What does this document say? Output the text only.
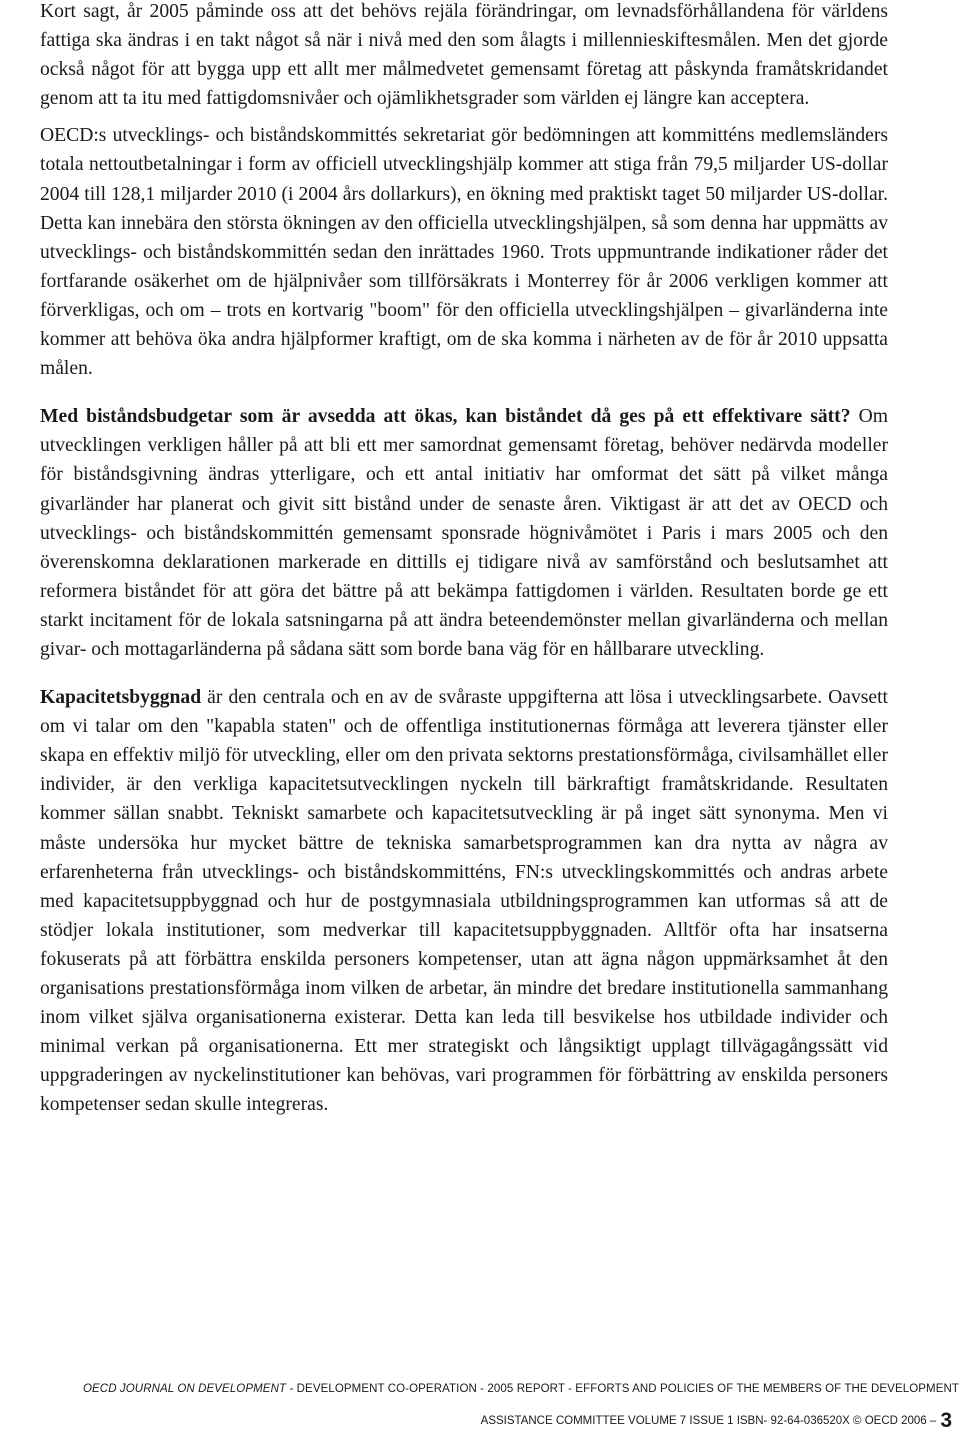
Kort sagt, år 2005 påminde oss att det behövs rejäla förändringar, om levnadsförhållandena för världens fattiga ska ändras i en takt något så när i nivå med den som ålagts i millennieskiftesmålen. Men det gjorde också något för att bygga upp ett allt mer målmedvetet gemensamt företag att påskynda framåtskridandet genom att ta itu med fattigdomsnivåer och ojämlikhetsgrader som världen ej längre kan acceptera.

OECD:s utvecklings- och biståndskommittés sekretariat gör bedömningen att kommitténs medlemsländers totala nettoutbetalningar i form av officiell utvecklingshjälp kommer att stiga från 79,5 miljarder US-dollar 2004 till 128,1 miljarder 2010 (i 2004 års dollarkurs), en ökning med praktiskt taget 50 miljarder US-dollar. Detta kan innebära den största ökningen av den officiella utvecklingshjälpen, så som denna har uppmätts av utvecklings- och biståndskommittén sedan den inrättades 1960. Trots uppmuntrande indikationer råder det fortfarande osäkerhet om de hjälpnivåer som tillförsäkrats i Monterrey för år 2006 verkligen kommer att förverkligas, och om – trots en kortvarig "boom" för den officiella utvecklingshjälpen – givarländerna inte kommer att behöva öka andra hjälpformer kraftigt, om de ska komma i närheten av de för år 2010 uppsatta målen.

Med biståndsbudgetar som är avsedda att ökas, kan biståndet då ges på ett effektivare sätt? Om utvecklingen verkligen håller på att bli ett mer samordnat gemensamt företag, behöver nedärvda modeller för biståndsgivning ändras ytterligare, och ett antal initiativ har omformat det sätt på vilket många givarländer har planerat och givit sitt bistånd under de senaste åren. Viktigast är att det av OECD och utvecklings- och biståndskommittén gemensamt sponsrade högnivåmötet i Paris i mars 2005 och den överenskomna deklarationen markerade en dittills ej tidigare nivå av samförstånd och beslutsamhet att reformera biståndet för att göra det bättre på att bekämpa fattigdomen i världen. Resultaten borde ge ett starkt incitament för de lokala satsningarna på att ändra beteendemönster mellan givarländerna och mellan givar- och mottagarländerna på sådana sätt som borde bana väg för en hållbarare utveckling.

Kapacitetsbyggnad är den centrala och en av de svåraste uppgifterna att lösa i utvecklingsarbete. Oavsett om vi talar om den "kapabla staten" och de offentliga institutionernas förmåga att leverera tjänster eller skapa en effektiv miljö för utveckling, eller om den privata sektorns prestationsförmåga, civilsamhället eller individer, är den verkliga kapacitetsutvecklingen nyckeln till bärkraftigt framåtskridande. Resultaten kommer sällan snabbt. Tekniskt samarbete och kapacitetsutveckling är på inget sätt synonyma. Men vi måste undersöka hur mycket bättre de tekniska samarbetsprogrammen kan dra nytta av några av erfarenheterna från utvecklings- och biståndskommitténs, FN:s utvecklingskommittés och andras arbete med kapacitetsuppbyggnad och hur de postgymnasiala utbildningsprogrammen kan utformas så att de stödjer lokala institutioner, som medverkar till kapacitetsuppbyggnaden. Alltför ofta har insatserna fokuserats på att förbättra enskilda personers kompetenser, utan att ägna någon uppmärksamhet åt den organisations prestationsförmåga inom vilken de arbetar, än mindre det bredare institutionella sammanhang inom vilket själva organisationerna existerar. Detta kan leda till besvikelse hos utbildade individer och minimal verkan på organisationerna. Ett mer strategiskt och långsiktigt upplagt tillvägagångssätt vid uppgraderingen av nyckelinstitutioner kan behövas, vari programmen för förbättring av enskilda personers kompetenser sedan skulle integreras.

OECD JOURNAL ON DEVELOPMENT - DEVELOPMENT CO-OPERATION - 2005 REPORT - EFFORTS AND POLICIES OF THE MEMBERS OF THE DEVELOPMENT
ASSISTANCE COMMITTEE VOLUME 7 ISSUE 1 ISBN- 92-64-036520X © OECD 2006 – 3
